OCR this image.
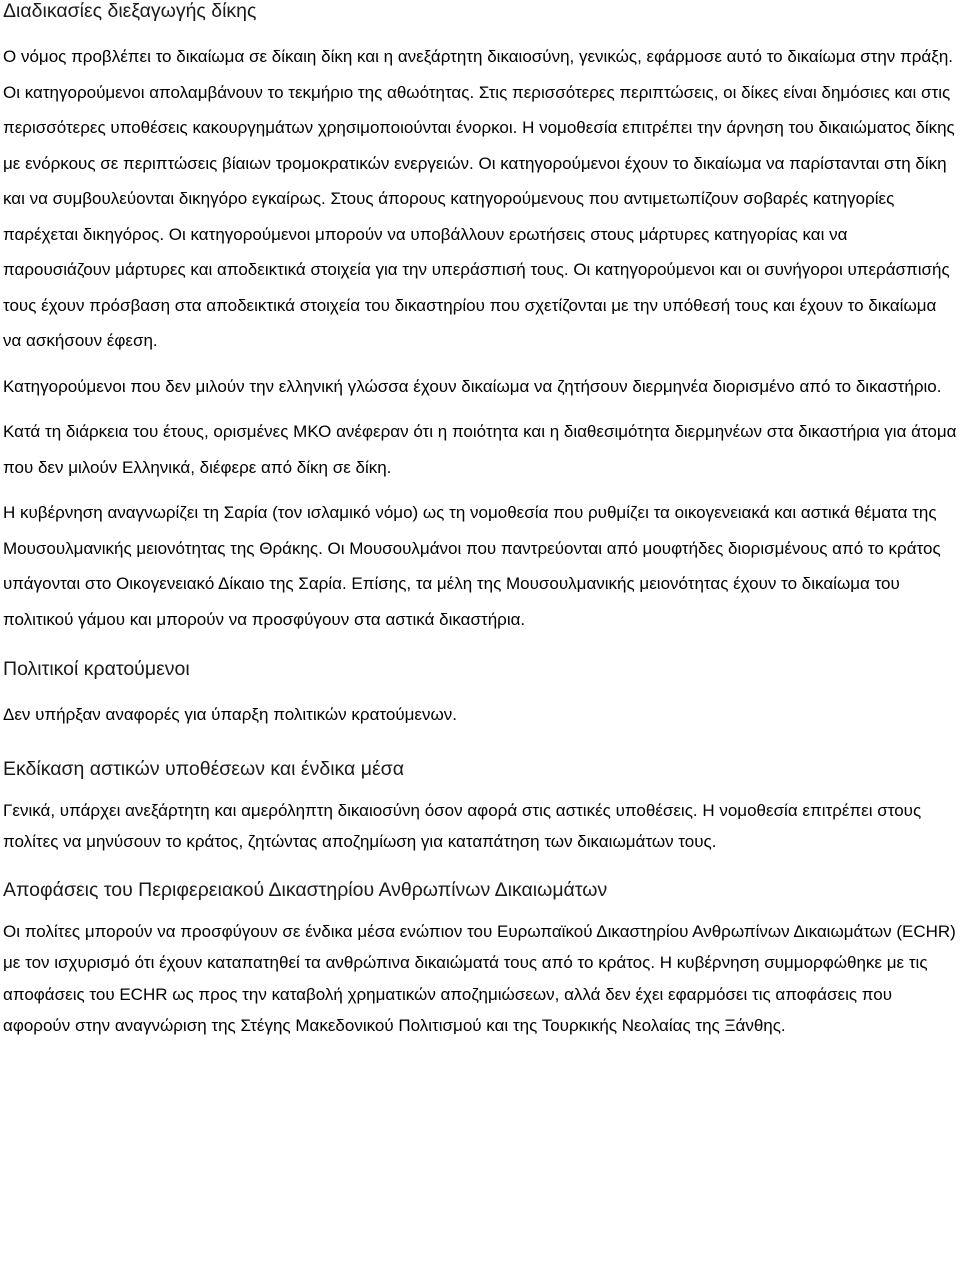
Διαδικασίες διεξαγωγής δίκης

Ο νόμος προβλέπει το δικαίωμα σε δίκαιη δίκη και η ανεξάρτητη δικαιοσύνη, γενικώς, εφάρμοσε αυτό το δικαίωμα στην πράξη. Οι κατηγορούμενοι απολαμβάνουν το τεκμήριο της αθωότητας. Στις περισσότερες περιπτώσεις, οι δίκες είναι δημόσιες και στις περισσότερες υποθέσεις κακουργημάτων χρησιμοποιούνται ένορκοι. Η νομοθεσία επιτρέπει την άρνηση του δικαιώματος δίκης με ενόρκους σε περιπτώσεις βίαιων τρομοκρατικών ενεργειών. Οι κατηγορούμενοι έχουν το δικαίωμα να παρίστανται στη δίκη και να συμβουλεύονται δικηγόρο εγκαίρως. Στους άπορους κατηγορούμενους που αντιμετωπίζουν σοβαρές κατηγορίες παρέχεται δικηγόρος. Οι κατηγορούμενοι μπορούν να υποβάλλουν ερωτήσεις στους μάρτυρες κατηγορίας και να παρουσιάζουν μάρτυρες και αποδεικτικά στοιχεία για την υπεράσπισή τους. Οι κατηγορούμενοι και οι συνήγοροι υπεράσπισής τους έχουν πρόσβαση στα αποδεικτικά στοιχεία του δικαστηρίου που σχετίζονται με την υπόθεσή τους και έχουν το δικαίωμα να ασκήσουν έφεση.

Κατηγορούμενοι που δεν μιλούν την ελληνική γλώσσα έχουν δικαίωμα να ζητήσουν διερμηνέα διορισμένο από το δικαστήριο.

Κατά τη διάρκεια του έτους, ορισμένες ΜΚΟ ανέφεραν ότι η ποιότητα και η διαθεσιμότητα διερμηνέων στα δικαστήρια για άτομα που δεν μιλούν Ελληνικά, διέφερε από δίκη σε δίκη.

Η κυβέρνηση αναγνωρίζει τη Σαρία (τον ισλαμικό νόμο) ως τη νομοθεσία που ρυθμίζει τα οικογενειακά και αστικά θέματα της Μουσουλμανικής μειονότητας της Θράκης. Οι Μουσουλμάνοι που παντρεύονται από μουφτήδες διορισμένους από το κράτος υπάγονται στο Οικογενειακό Δίκαιο της Σαρία. Επίσης, τα μέλη της Μουσουλμανικής μειονότητας έχουν το δικαίωμα του πολιτικού γάμου και μπορούν να προσφύγουν στα αστικά δικαστήρια.

Πολιτικοί κρατούμενοι

Δεν υπήρξαν αναφορές για ύπαρξη πολιτικών κρατούμενων.

Εκδίκαση αστικών υποθέσεων και ένδικα μέσα

Γενικά, υπάρχει ανεξάρτητη και αμερόληπτη δικαιοσύνη όσον αφορά στις αστικές υποθέσεις. Η νομοθεσία επιτρέπει στους πολίτες να μηνύσουν το κράτος, ζητώντας αποζημίωση για καταπάτηση των δικαιωμάτων τους.

Αποφάσεις του Περιφερειακού Δικαστηρίου Ανθρωπίνων Δικαιωμάτων

Οι πολίτες μπορούν να προσφύγουν σε ένδικα μέσα ενώπιον του Ευρωπαϊκού Δικαστηρίου Ανθρωπίνων Δικαιωμάτων (ECHR) με τον ισχυρισμό ότι έχουν καταπατηθεί τα ανθρώπινα δικαιώματά τους από το κράτος. Η κυβέρνηση συμμορφώθηκε με τις αποφάσεις του ECHR ως προς την καταβολή χρηματικών αποζημιώσεων, αλλά δεν έχει εφαρμόσει τις αποφάσεις που αφορούν στην αναγνώριση της Στέγης Μακεδονικού Πολιτισμού και της Τουρκικής Νεολαίας της Ξάνθης.
